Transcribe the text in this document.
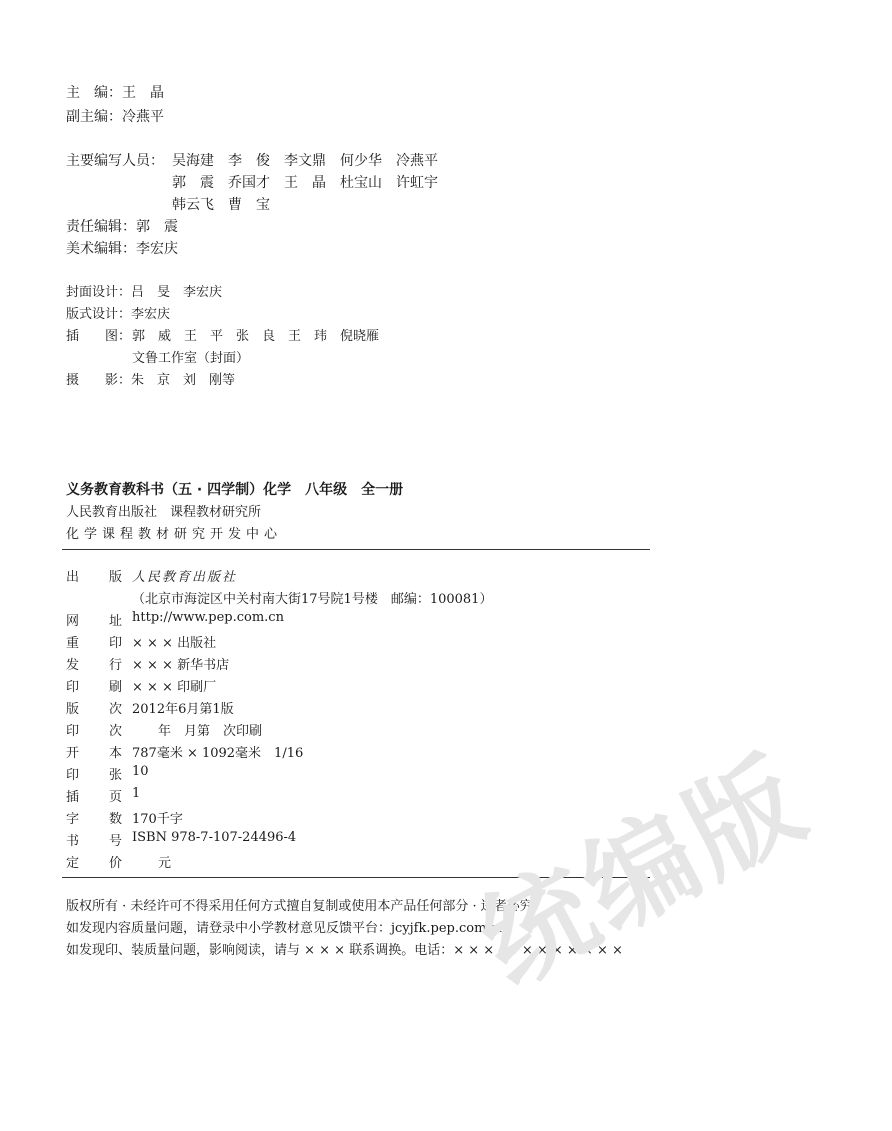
主　编：王　晶
副主编：冷燕平
主要编写人员： 吴海建　李　俊　李文鼎　何少华　冷燕平
郭　震　乔国才　王　晶　杜宝山　许虹宇
韩云飞　曹　宝
责任编辑：郭　震
美术编辑：李宏庆
封面设计：吕　旻　李宏庆
版式设计：李宏庆
插　　图： 郭　威　王　平　张　良　王　玮　倪晓雁
文鲁工作室（封面）
摄　　影：朱　京　刘　刚等
义务教育教科书（五 · 四学制）化学　八年级　全一册
人民教育出版社　课程教材研究所
化学课程教材研究开发中心
出 版 人民教育出版社
（北京市海淀区中关村南大街17号院1号楼　邮编：100081）
网 址 http://www.pep.com.cn
重 印 × × × 出版社
发 行 × × × 新华书店
印 刷 × × × 印刷厂
版 次 2012年6月第1版
印 次 　　年　月第　次印刷
开 本 787毫米 × 1092毫米　1/16
印 张 10
插 页 1
字 数 170千字
书 号 ISBN 978-7-107-24496-4
定 价 　　元
版权所有 · 未经许可不得采用任何方式擅自复制或使用本产品任何部分 · 违者必究
如发现内容质量问题，请登录中小学教材意见反馈平台：jcyjfk.pep.com.cn
如发现印、装质量问题，影响阅读，请与 × × × 联系调换。电话：× × × - × × × × × × × ×
统编版
